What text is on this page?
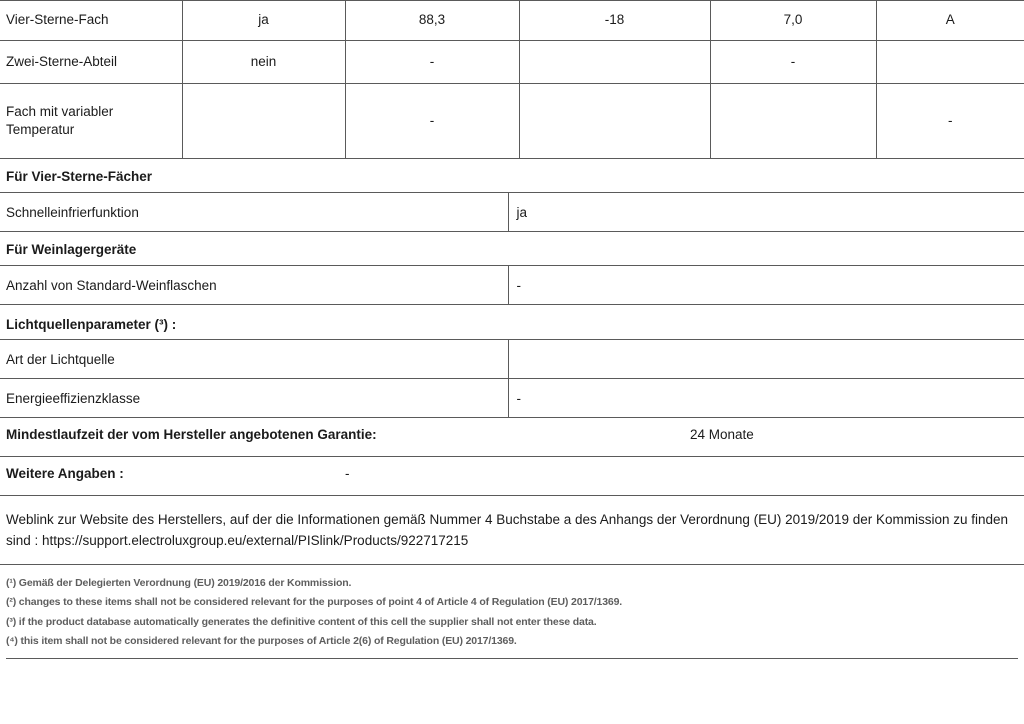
Vier-Sterne-Fach	ja	88,3	-18	7,0	A
Zwei-Sterne-Abteil	nein	-		-	
Fach mit variabler Temperatur		-			-
Für Vier-Sterne-Fächer
Schnelleinfrierfunktion	ja
Für Weinlagergeräte
Anzahl von Standard-Weinflaschen	-
Lichtquellenparameter (³) :
Art der Lichtquelle	
Energieeffizienzklasse	-
Mindestlaufzeit der vom Hersteller angebotenen Garantie:	24 Monate
Weitere Angaben :	-
Weblink zur Website des Herstellers, auf der die Informationen gemäß Nummer 4 Buchstabe a des Anhangs der Verordnung (EU) 2019/2019 der Kommission zu finden sind : https://support.electroluxgroup.eu/external/PISlink/Products/922717215
(¹) Gemäß der Delegierten Verordnung (EU) 2019/2016 der Kommission.
(²) changes to these items shall not be considered relevant for the purposes of point 4 of Article 4 of Regulation (EU) 2017/1369.
(³) if the product database automatically generates the definitive content of this cell the supplier shall not enter these data.
(⁴) this item shall not be considered relevant for the purposes of Article 2(6) of Regulation (EU) 2017/1369.
